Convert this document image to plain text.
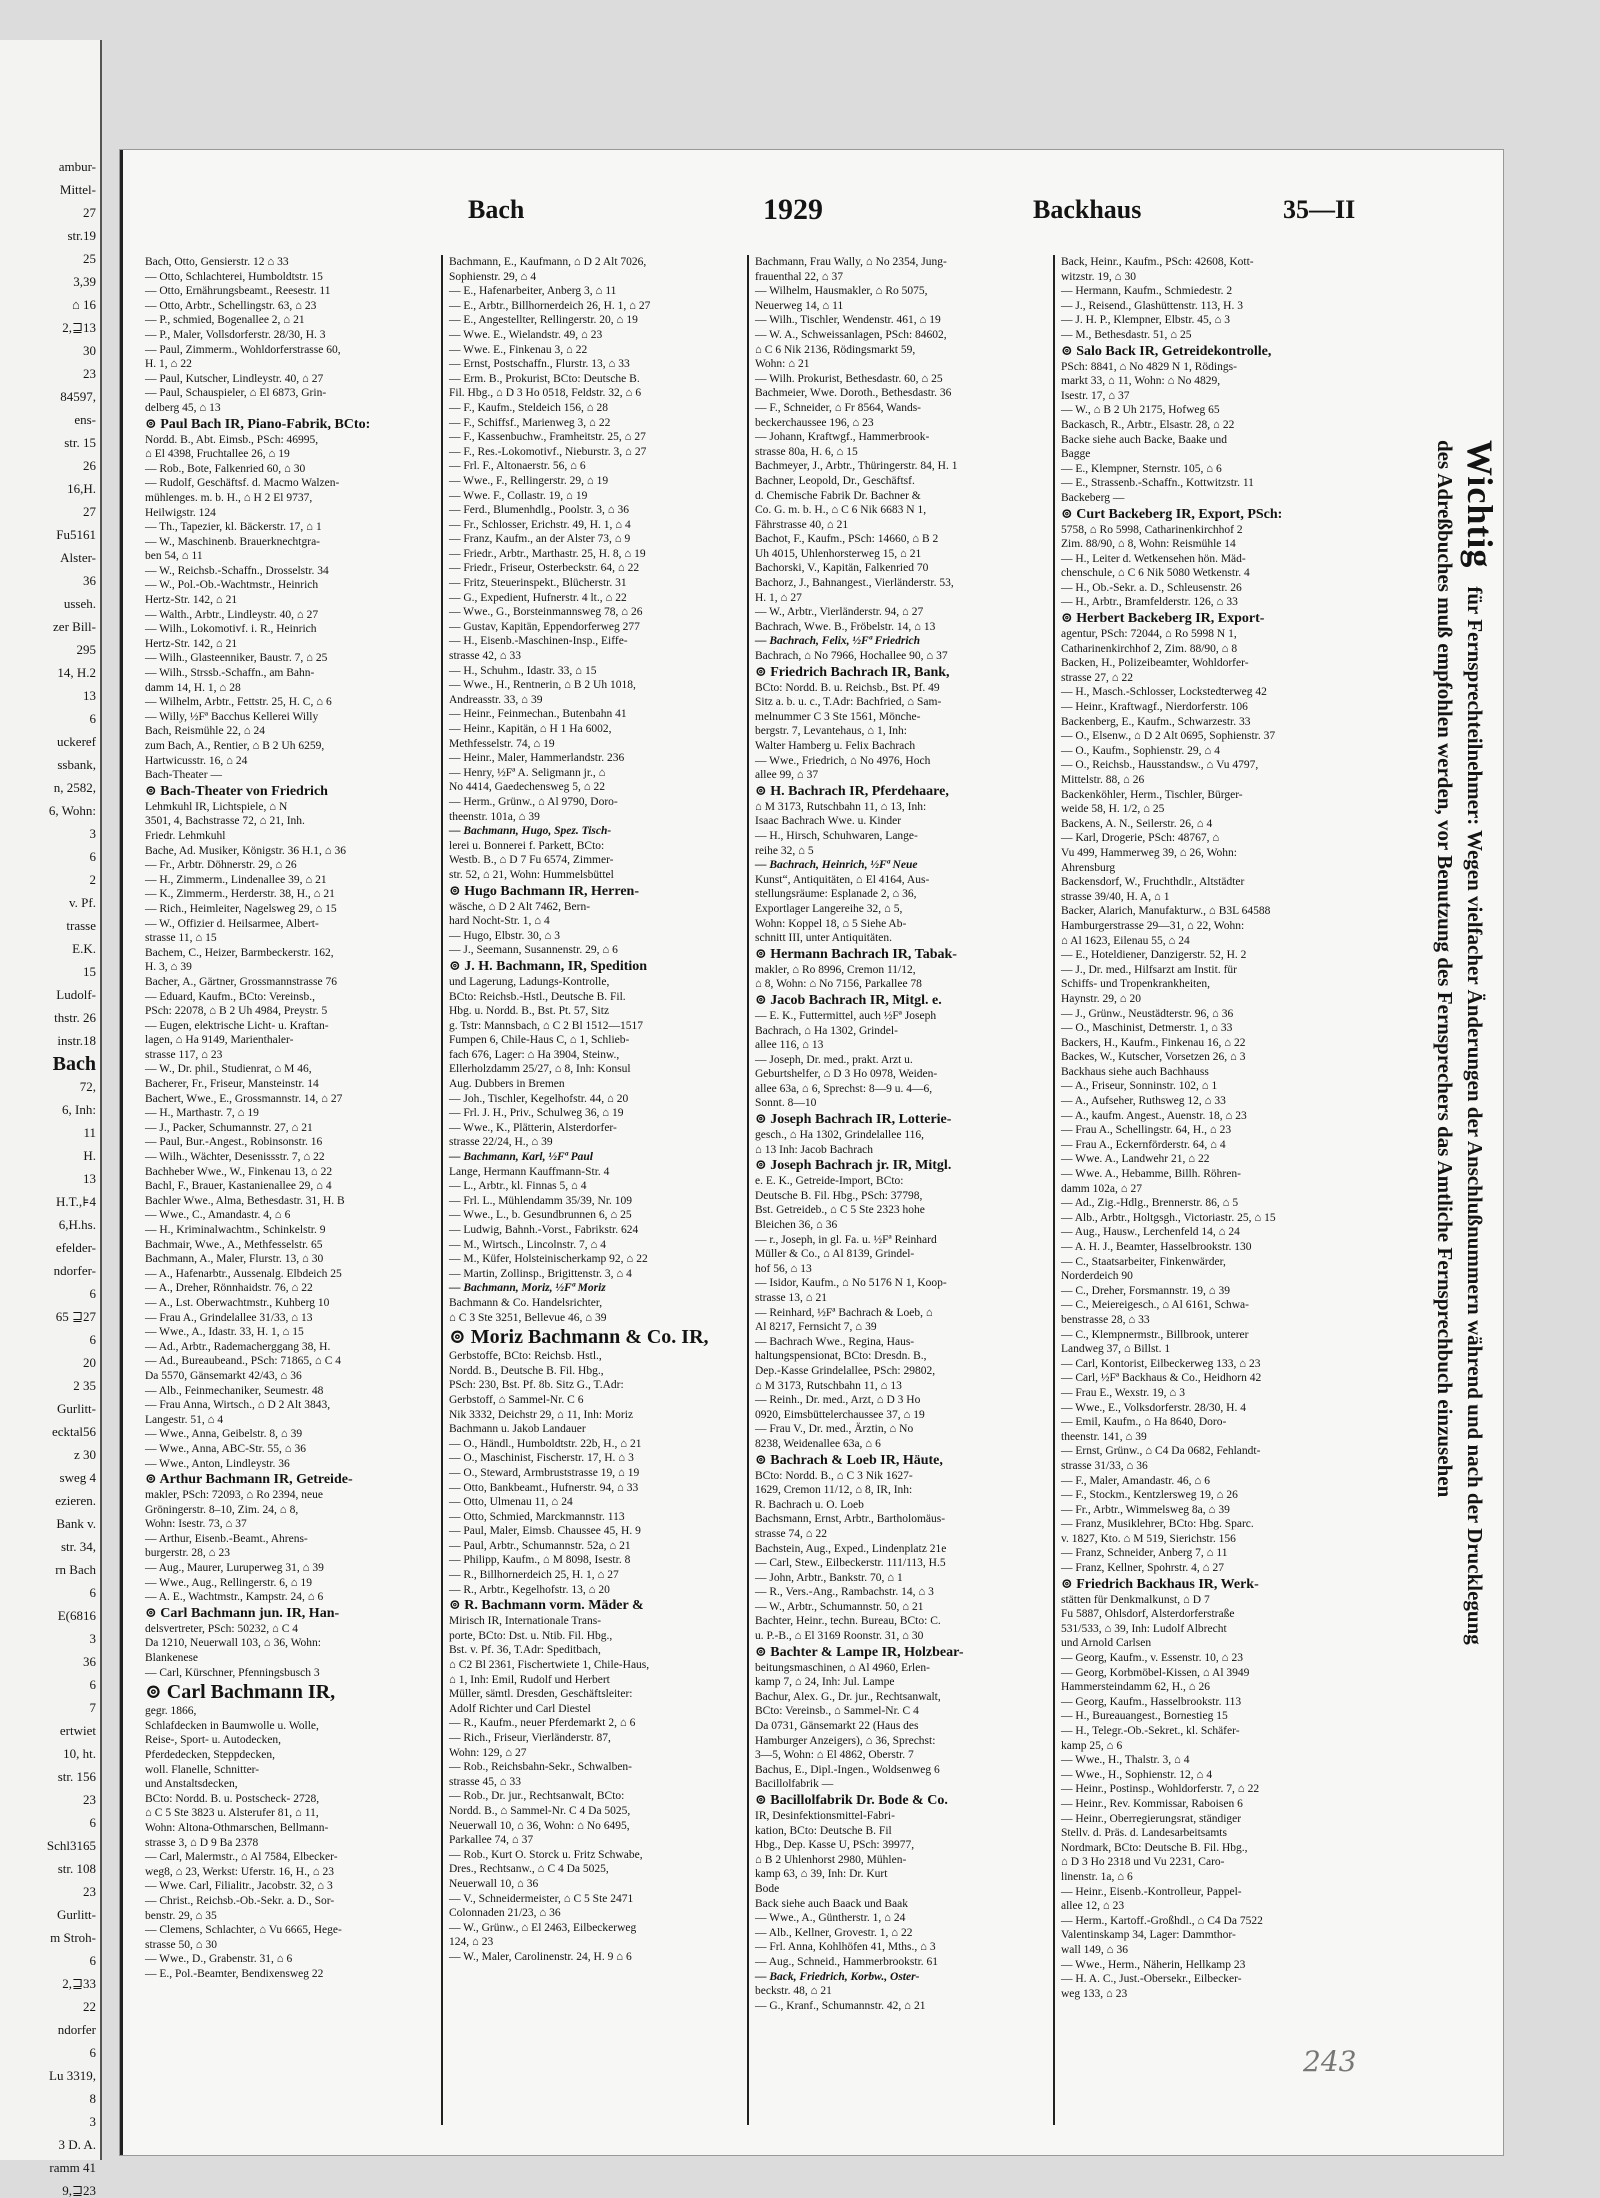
ambur-
Mittel-
27
str.19
25
3,39
⌂ 16
2,⊒13
30
23
84597,
ens-
str. 15
26
16,H.
27
Fu5161
Alster-
36
usseh.
zer Bill-
295
14, H.2
13
6
uckeref
ssbank,
n, 2582,
6, Wohn:
3
6
2
v. Pf.
trasse
E.K.
15
Ludolf-
thstr. 26
instr.18
Bach
72,
6, Inh:
11
H.
13
H.T.,⊧4
6,H.hs.
efelder-
ndorfer-
6
65 ⊒27
6
20
2 35
Gurlitt-
ecktal56
z 30
sweg 4
ezieren.
Bank v.
str. 34,
rn Bach
6
E(6816
3
36
6
7
ertwiet
10, ht.
str. 156
23
6
Schl3165
str. 108
23
Gurlitt-
m Stroh-
6
2,⊒33
22
ndorfer
6
Lu 3319,
8
3
3 D. A.
ramm 41
9,⊒23
Bach	1929	Backhaus	35—II
Bach, Otto, Gensierstr. 12 ⌂ 33
— Otto, Schlachterei, Humboldtstr. 15
— Otto, Ernährungsbeamt., Reesestr. 11
— Otto, Arbtr., Schellingstr. 63, ⌂ 23
— P., schmied, Bogenallee 2, ⌂ 21
— P., Maler, Vollsdorferstr. 28/30, H. 3
— Paul, Zimmerm., Wohldorferstrasse 60,
H. 1, ⌂ 22
— Paul, Kutscher, Lindleystr. 40, ⌂ 27
— Paul, Schauspieler, ⌂ El 6873, Grin-
delberg 45, ⌂ 13
⊚ Paul Bach IR, Piano-Fabrik, BCto:
Nordd. B., Abt. Eimsb., PSch: 46995,
⌂ El 4398, Fruchtallee 26, ⌂ 19
— Rob., Bote, Falkenried 60, ⌂ 30
— Rudolf, Geschäftsf. d. Macmo Walzen-
mühlenges. m. b. H., ⌂ H 2 El 9737,
Heilwigstr. 124
— Th., Tapezier, kl. Bäckerstr. 17, ⌂ 1
— W., Maschinenb. Brauerknechtgra-
ben 54, ⌂ 11
— W., Reichsb.-Schaffn., Drosselstr. 34
— W., Pol.-Ob.-Wachtmstr., Heinrich
Hertz-Str. 142, ⌂ 21
— Walth., Arbtr., Lindleystr. 40, ⌂ 27
— Wilh., Lokomotivf. i. R., Heinrich
Hertz-Str. 142, ⌂ 21
— Wilh., Glasteenniker, Baustr. 7, ⌂ 25
— Wilh., Strssb.-Schaffn., am Bahn-
damm 14, H. 1, ⌂ 28
— Wilhelm, Arbtr., Fettstr. 25, H. C, ⌂ 6
— Willy, ½Fª Bacchus Kellerei Willy
Bach, Reismühle 22, ⌂ 24
zum Bach, A., Rentier, ⌂ B 2 Uh 6259,
Hartwicusstr. 16, ⌂ 24
Bach-Theater —
⊚ Bach-Theater von Friedrich
Lehmkuhl IR, Lichtspiele, ⌂ N
3501, 4, Bachstrasse 72, ⌂ 21, Inh.
Friedr. Lehmkuhl
Bache, Ad. Musiker, Königstr. 36 H.1, ⌂ 36
— Fr., Arbtr. Döhnerstr. 29, ⌂ 26
— H., Zimmerm., Lindenallee 39, ⌂ 21
— K., Zimmerm., Herderstr. 38, H., ⌂ 21
— Rich., Heimleiter, Nagelsweg 29, ⌂ 15
— W., Offizier d. Heilsarmee, Albert-
strasse 11, ⌂ 15
Bachem, C., Heizer, Barmbeckerstr. 162,
H. 3, ⌂ 39
Bacher, A., Gärtner, Grossmannstrasse 76
— Eduard, Kaufm., BCto: Vereinsb.,
PSch: 22078, ⌂ B 2 Uh 4984, Preystr. 5
— Eugen, elektrische Licht- u. Kraftan-
lagen, ⌂ Ha 9149, Marienthaler-
strasse 117, ⌂ 23
— W., Dr. phil., Studienrat, ⌂ M 46,
Bacherer, Fr., Friseur, Mansteinstr. 14
Bachert, Wwe., E., Grossmannstr. 14, ⌂ 27
— H., Marthastr. 7, ⌂ 19
— J., Packer, Schumannstr. 27, ⌂ 21
— Paul, Bur.-Angest., Robinsonstr. 16
— Wilh., Wächter, Desenissstr. 7, ⌂ 22
Bachheber Wwe., W., Finkenau 13, ⌂ 22
Bachl, F., Brauer, Kastanienallee 29, ⌂ 4
Bachler Wwe., Alma, Bethesdastr. 31, H. B
— Wwe., C., Amandastr. 4, ⌂ 6
— H., Kriminalwachtm., Schinkelstr. 9
Bachmair, Wwe., A., Methfesselstr. 65
Bachmann, A., Maler, Flurstr. 13, ⌂ 30
— A., Hafenarbtr., Aussenalg. Elbdeich 25
— A., Dreher, Rönnhaidstr. 76, ⌂ 22
— A., Lst. Oberwachtmstr., Kuhberg 10
— Frau A., Grindelallee 31/33, ⌂ 13
— Wwe., A., Idastr. 33, H. 1, ⌂ 15
— Ad., Arbtr., Rademacherggang 38, H.
— Ad., Bureaubeand., PSch: 71865, ⌂ C 4
Da 5570, Gänsemarkt 42/43, ⌂ 36
— Alb., Feinmechaniker, Seumestr. 48
— Frau Anna, Wirtsch., ⌂ D 2 Alt 3843,
Langestr. 51, ⌂ 4
— Wwe., Anna, Geibelstr. 8, ⌂ 39
— Wwe., Anna, ABC-Str. 55, ⌂ 36
— Wwe., Anton, Lindleystr. 36
⊚ Arthur Bachmann IR, Getreide-
makler, PSch: 72093, ⌂ Ro 2394, neue
Gröningerstr. 8–10, Zim. 24, ⌂ 8,
Wohn: Isestr. 73, ⌂ 37
— Arthur, Eisenb.-Beamt., Ahrens-
burgerstr. 28, ⌂ 23
— Aug., Maurer, Luruperweg 31, ⌂ 39
— Wwe., Aug., Rellingerstr. 6, ⌂ 19
— A. E., Wachtmstr., Kampstr. 24, ⌂ 6
⊚ Carl Bachmann jun. IR, Han-
delsvertreter, PSch: 50232, ⌂ C 4
Da 1210, Neuerwall 103, ⌂ 36, Wohn:
Blankenese
— Carl, Kürschner, Pfenningsbusch 3
⊚ Carl Bachmann IR,
gegr. 1866,
Schlafdecken in Baumwolle u. Wolle,
Reise-, Sport- u. Autodecken,
Pferdedecken, Steppdecken,
woll. Flanelle, Schnitter-
und Anstaltsdecken,
BCto: Nordd. B. u. Postscheck- 2728,
⌂ C 5 Ste 3823 u. Alsterufer 81, ⌂ 11,
Wohn: Altona-Othmarschen, Bellmann-
strasse 3, ⌂ D 9 Ba 2378
— Carl, Malermstr., ⌂ Al 7584, Elbecker-
weg8, ⌂ 23, Werkst: Uferstr. 16, H., ⌂ 23
— Wwe. Carl, Filialitr., Jacobstr. 32, ⌂ 3
— Christ., Reichsb.-Ob.-Sekr. a. D., Sor-
benstr. 29, ⌂ 35
— Clemens, Schlachter, ⌂ Vu 6665, Hege-
strasse 50, ⌂ 30
— Wwe., D., Grabenstr. 31, ⌂ 6
— E., Pol.-Beamter, Bendixensweg 22
Bachmann, E., Kaufmann, ⌂ D 2 Alt 7026,
Sophienstr. 29, ⌂ 4
— E., Hafenarbeiter, Anberg 3, ⌂ 11
— E., Arbtr., Billhornerdeich 26, H. 1, ⌂ 27
— E., Angestellter, Rellingerstr. 20, ⌂ 19
— Wwe. E., Wielandstr. 49, ⌂ 23
— Wwe. E., Finkenau 3, ⌂ 22
— Ernst, Postschaffn., Flurstr. 13, ⌂ 33
— Erm. B., Prokurist, BCto: Deutsche B.
Fil. Hbg., ⌂ D 3 Ho 0518, Feldstr. 32, ⌂ 6
— F., Kaufm., Steldeich 156, ⌂ 28
— F., Schiffsf., Marienweg 3, ⌂ 22
— F., Kassenbuchw., Framheitstr. 25, ⌂ 27
— F., Res.-Lokomotivf., Nieburstr. 3, ⌂ 27
— Frl. F., Altonaerstr. 56, ⌂ 6
— Wwe., F., Rellingerstr. 29, ⌂ 19
— Wwe. F., Collastr. 19, ⌂ 19
— Ferd., Blumenhdlg., Poolstr. 3, ⌂ 36
— Fr., Schlosser, Erichstr. 49, H. 1, ⌂ 4
— Franz, Kaufm., an der Alster 73, ⌂ 9
— Friedr., Arbtr., Marthastr. 25, H. 8, ⌂ 19
— Friedr., Friseur, Osterbeckstr. 64, ⌂ 22
— Fritz, Steuerinspekt., Blücherstr. 31
— G., Expedient, Hufnerstr. 4 lt., ⌂ 22
— Wwe., G., Borsteinmannsweg 78, ⌂ 26
— Gustav, Kapitän, Eppendorferweg 277
— H., Eisenb.-Maschinen-Insp., Eiffe-
strasse 42, ⌂ 33
— H., Schuhm., Idastr. 33, ⌂ 15
— Wwe., H., Rentnerin, ⌂ B 2 Uh 1018,
Andreasstr. 33, ⌂ 39
— Heinr., Feinmechan., Butenbahn 41
— Heinr., Kapitän, ⌂ H 1 Ha 6002,
Methfesselstr. 74, ⌂ 19
— Heinr., Maler, Hammerlandstr. 236
— Henry, ½Fª A. Seligmann jr., ⌂
No 4414, Gaedechensweg 5, ⌂ 22
— Herm., Grünw., ⌂ Al 9790, Doro-
theenstr. 101a, ⌂ 39
— Bachmann, Hugo, Spez. Tisch-
lerei u. Bonnerei f. Parkett, BCto:
Westb. B., ⌂ D 7 Fu 6574, Zimmer-
str. 52, ⌂ 21, Wohn: Hummelsbüttel
⊚ Hugo Bachmann IR, Herren-
wäsche, ⌂ D 2 Alt 7462, Bern-
hard Nocht-Str. 1, ⌂ 4
— Hugo, Elbstr. 30, ⌂ 3
— J., Seemann, Susannenstr. 29, ⌂ 6
⊚ J. H. Bachmann, IR, Spedition
und Lagerung, Ladungs-Kontrolle,
BCto: Reichsb.-Hstl., Deutsche B. Fil.
Hbg. u. Nordd. B., Bst. Pt. 57, Sitz
g. Tstr: Mannsbach, ⌂ C 2 Bl 1512—1517
Fumpen 6, Chile-Haus C, ⌂ 1, Schlieb-
fach 676, Lager: ⌂ Ha 3904, Steinw.,
Ellerholzdamm 25/27, ⌂ 8, Inh: Konsul
Aug. Dubbers in Bremen
— Joh., Tischler, Kegelhofstr. 44, ⌂ 20
— Frl. J. H., Priv., Schulweg 36, ⌂ 19
— Wwe., K., Plätterin, Alsterdorfer-
strasse 22/24, H., ⌂ 39
— Bachmann, Karl, ½Fª Paul
Lange, Hermann Kauffmann-Str. 4
— L., Arbtr., kl. Finnas 5, ⌂ 4
— Frl. L., Mühlendamm 35/39, Nr. 109
— Wwe., L., b. Gesundbrunnen 6, ⌂ 25
— Ludwig, Bahnh.-Vorst., Fabrikstr. 624
— M., Wirtsch., Lincolnstr. 7, ⌂ 4
— M., Küfer, Holsteinischerkamp 92, ⌂ 22
— Martin, Zollinsp., Brigittenstr. 3, ⌂ 4
— Bachmann, Moriz, ½Fª Moriz
Bachmann & Co. Handelsrichter,
⌂ C 3 Ste 3251, Bellevue 46, ⌂ 39
⊚ Moriz Bachmann & Co. IR,
Gerbstoffe, BCto: Reichsb. Hstl.,
Nordd. B., Deutsche B. Fil. Hbg.,
PSch: 230, Bst. Pf. 8b. Sitz G., T.Adr:
Gerbstoff, ⌂ Sammel-Nr. C 6
Nik 3332, Deichstr 29, ⌂ 11, Inh: Moriz
Bachmann u. Jakob Landauer
— O., Händl., Humboldtstr. 22b, H., ⌂ 21
— O., Maschinist, Fischerstr. 17, H. ⌂ 3
— O., Steward, Armbruststrasse 19, ⌂ 19
— Otto, Bankbeamt., Hufnerstr. 94, ⌂ 33
— Otto, Ulmenau 11, ⌂ 24
— Otto, Schmied, Marckmannstr. 113
— Paul, Maler, Eimsb. Chaussee 45, H. 9
— Paul, Arbtr., Schumannstr. 52a, ⌂ 21
— Philipp, Kaufm., ⌂ M 8098, Isestr. 8
— R., Billhornerdeich 25, H. 1, ⌂ 27
— R., Arbtr., Kegelhofstr. 13, ⌂ 20
⊚ R. Bachmann vorm. Mäder &
Mirisch IR, Internationale Trans-
porte, BCto: Dst. u. Ntib. Fil. Hbg.,
Bst. v. Pf. 36, T.Adr: Speditbach,
⌂ C2 Bl 2361, Fischertwiete 1, Chile-Haus,
⌂ 1, Inh: Emil, Rudolf und Herbert
Müller, sämtl. Dresden, Geschäftsleiter:
Adolf Richter und Carl Diestel
— R., Kaufm., neuer Pferdemarkt 2, ⌂ 6
— Rich., Friseur, Vierländerstr. 87,
Wohn: 129, ⌂ 27
— Rob., Reichsbahn-Sekr., Schwalben-
strasse 45, ⌂ 33
— Rob., Dr. jur., Rechtsanwalt, BCto:
Nordd. B., ⌂ Sammel-Nr. C 4 Da 5025,
Neuerwall 10, ⌂ 36, Wohn: ⌂ No 6495,
Parkallee 74, ⌂ 37
— Rob., Kurt O. Storck u. Fritz Schwabe,
Dres., Rechtsanw., ⌂ C 4 Da 5025,
Neuerwall 10, ⌂ 36
— V., Schneidermeister, ⌂ C 5 Ste 2471
Colonnaden 21/23, ⌂ 36
— W., Grünw., ⌂ El 2463, Eilbeckerweg
124, ⌂ 23
— W., Maler, Carolinenstr. 24, H. 9 ⌂ 6
Bachmann, Frau Wally, ⌂ No 2354, Jung-
frauenthal 22, ⌂ 37
— Wilhelm, Hausmakler, ⌂ Ro 5075,
Neuerweg 14, ⌂ 11
— Wilh., Tischler, Wendenstr. 461, ⌂ 19
— W. A., Schweissanlagen, PSch: 84602,
⌂ C 6 Nik 2136, Rödingsmarkt 59,
Wohn: ⌂ 21
— Wilh. Prokurist, Bethesdastr. 60, ⌂ 25
Bachmeier, Wwe. Doroth., Bethesdastr. 36
— F., Schneider, ⌂ Fr 8564, Wands-
beckerchaussee 196, ⌂ 23
— Johann, Kraftwgf., Hammerbrook-
strasse 80a, H. 6, ⌂ 15
Bachmeyer, J., Arbtr., Thüringerstr. 84, H. 1
Bachner, Leopold, Dr., Geschäftsf.
d. Chemische Fabrik Dr. Bachner &
Co. G. m. b. H., ⌂ C 6 Nik 6683 N 1,
Fährstrasse 40, ⌂ 21
Bachot, F., Kaufm., PSch: 14660, ⌂ B 2
Uh 4015, Uhlenhorsterweg 15, ⌂ 21
Bachorski, V., Kapitän, Falkenried 70
Bachorz, J., Bahnangest., Vierländerstr. 53,
H. 1, ⌂ 27
— W., Arbtr., Vierländerstr. 94, ⌂ 27
Bachrach, Wwe. B., Fröbelstr. 14, ⌂ 13
— Bachrach, Felix, ½Fª Friedrich
Bachrach, ⌂ No 7966, Hochallee 90, ⌂ 37
⊚ Friedrich Bachrach IR, Bank,
BCto: Nordd. B. u. Reichsb., Bst. Pf. 49
Sitz a. b. u. c., T.Adr: Bachfried, ⌂ Sam-
melnummer C 3 Ste 1561, Mönche-
bergstr. 7, Levantehaus, ⌂ 1, Inh:
Walter Hamberg u. Felix Bachrach
— Wwe., Friedrich, ⌂ No 4976, Hoch
allee 99, ⌂ 37
⊚ H. Bachrach IR, Pferdehaare,
⌂ M 3173, Rutschbahn 11, ⌂ 13, Inh:
Isaac Bachrach Wwe. u. Kinder
— H., Hirsch, Schuhwaren, Lange-
reihe 32, ⌂ 5
— Bachrach, Heinrich, ½Fª Neue
Kunst“, Antiquitäten, ⌂ El 4164, Aus-
stellungsräume: Esplanade 2, ⌂ 36,
Exportlager Langereihe 32, ⌂ 5,
Wohn: Koppel 18, ⌂ 5 Siehe Ab-
schnitt III, unter Antiquitäten.
⊚ Hermann Bachrach IR, Tabak-
makler, ⌂ Ro 8996, Cremon 11/12,
⌂ 8, Wohn: ⌂ No 7156, Parkallee 78
⊚ Jacob Bachrach IR, Mitgl. e.
— E. K., Futtermittel, auch ½Fª Joseph
Bachrach, ⌂ Ha 1302, Grindel-
allee 116, ⌂ 13
— Joseph, Dr. med., prakt. Arzt u.
Geburtshelfer, ⌂ D 3 Ho 0978, Weiden-
allee 63a, ⌂ 6, Sprechst: 8—9 u. 4—6,
Sonnt. 8—10
⊚ Joseph Bachrach IR, Lotterie-
gesch., ⌂ Ha 1302, Grindelallee 116,
⌂ 13 Inh: Jacob Bachrach
⊚ Joseph Bachrach jr. IR, Mitgl.
e. E. K., Getreide-Import, BCto:
Deutsche B. Fil. Hbg., PSch: 37798,
Bst. Getreideb., ⌂ C 5 Ste 2323 hohe
Bleichen 36, ⌂ 36
— r., Joseph, in gl. Fa. u. ½Fª Reinhard
Müller & Co., ⌂ Al 8139, Grindel-
hof 56, ⌂ 13
— Isidor, Kaufm., ⌂ No 5176 N 1, Koop-
strasse 13, ⌂ 21
— Reinhard, ½Fª Bachrach & Loeb, ⌂
Al 8217, Fernsicht 7, ⌂ 39
— Bachrach Wwe., Regina, Haus-
haltungspensionat, BCto: Dresdn. B.,
Dep.-Kasse Grindelallee, PSch: 29802,
⌂ M 3173, Rutschbahn 11, ⌂ 13
— Reinh., Dr. med., Arzt, ⌂ D 3 Ho
0920, Eimsbüttelerchaussee 37, ⌂ 19
— Frau V., Dr. med., Ärztin, ⌂ No
8238, Weidenallee 63a, ⌂ 6
⊚ Bachrach & Loeb IR, Häute,
BCto: Nordd. B., ⌂ C 3 Nik 1627-
1629, Cremon 11/12, ⌂ 8, IR, Inh:
R. Bachrach u. O. Loeb
Bachsmann, Ernst, Arbtr., Bartholomäus-
strasse 74, ⌂ 22
Bachstein, Aug., Exped., Lindenplatz 21e
— Carl, Stew., Eilbeckerstr. 111/113, H.5
— John, Arbtr., Bankstr. 70, ⌂ 1
— R., Vers.-Ang., Rambachstr. 14, ⌂ 3
— W., Arbtr., Schumannstr. 50, ⌂ 21
Bachter, Heinr., techn. Bureau, BCto: C.
u. P.-B., ⌂ El 3169 Roonstr. 31, ⌂ 30
⊚ Bachter & Lampe IR, Holzbear-
beitungsmaschinen, ⌂ Al 4960, Erlen-
kamp 7, ⌂ 24, Inh: Jul. Lampe
Bachur, Alex. G., Dr. jur., Rechtsanwalt,
BCto: Vereinsb., ⌂ Sammel-Nr. C 4
Da 0731, Gänsemarkt 22 (Haus des
Hamburger Anzeigers), ⌂ 36, Sprechst:
3—5, Wohn: ⌂ El 4862, Oberstr. 7
Bachus, E., Dipl.-Ingen., Woldsenweg 6
Bacillolfabrik —
⊚ Bacillolfabrik Dr. Bode & Co.
IR, Desinfektionsmittel-Fabri-
kation, BCto: Deutsche B. Fil
Hbg., Dep. Kasse U, PSch: 39977,
⌂ B 2 Uhlenhorst 2980, Mühlen-
kamp 63, ⌂ 39, Inh: Dr. Kurt
Bode
Back siehe auch Baack und Baak
— Wwe., A., Güntherstr. 1, ⌂ 24
— Alb., Kellner, Grovestr. 1, ⌂ 22
— Frl. Anna, Kohlhöfen 41, Mths., ⌂ 3
— Aug., Schneid., Hammerbrookstr. 61
— Back, Friedrich, Korbw., Oster-
beckstr. 48, ⌂ 21
— G., Kranf., Schumannstr. 42, ⌂ 21
Back, Heinr., Kaufm., PSch: 42608, Kott-
witzstr. 19, ⌂ 30
— Hermann, Kaufm., Schmiedestr. 2
— J., Reisend., Glashüttenstr. 113, H. 3
— J. H. P., Klempner, Elbstr. 45, ⌂ 3
— M., Bethesdastr. 51, ⌂ 25
⊚ Salo Back IR, Getreidekontrolle,
PSch: 8841, ⌂ No 4829 N 1, Rödings-
markt 33, ⌂ 11, Wohn: ⌂ No 4829,
Isestr. 17, ⌂ 37
— W., ⌂ B 2 Uh 2175, Hofweg 65
Backasch, R., Arbtr., Elsastr. 28, ⌂ 22
Backe siehe auch Backe, Baake und
Bagge
— E., Klempner, Sternstr. 105, ⌂ 6
— E., Strassenb.-Schaffn., Kottwitzstr. 11
Backeberg —
⊚ Curt Backeberg IR, Export, PSch:
5758, ⌂ Ro 5998, Catharinenkirchhof 2
Zim. 88/90, ⌂ 8, Wohn: Reismühle 14
— H., Leiter d. Wetkensehen hön. Mäd-
chenschule, ⌂ C 6 Nik 5080 Wetkenstr. 4
— H., Ob.-Sekr. a. D., Schleusenstr. 26
— H., Arbtr., Bramfelderstr. 126, ⌂ 33
⊚ Herbert Backeberg IR, Export-
agentur, PSch: 72044, ⌂ Ro 5998 N 1,
Catharinenkirchhof 2, Zim. 88/90, ⌂ 8
Backen, H., Polizeibeamter, Wohldorfer-
strasse 27, ⌂ 22
— H., Masch.-Schlosser, Lockstedterweg 42
— Heinr., Kraftwagf., Nierdorferstr. 106
Backenberg, E., Kaufm., Schwarzestr. 33
— O., Elsenw., ⌂ D 2 Alt 0695, Sophienstr. 37
— O., Kaufm., Sophienstr. 29, ⌂ 4
— O., Reichsb., Hausstandsw., ⌂ Vu 4797,
Mittelstr. 88, ⌂ 26
Backenköhler, Herm., Tischler, Bürger-
weide 58, H. 1/2, ⌂ 25
Backens, A. N., Seilerstr. 26, ⌂ 4
— Karl, Drogerie, PSch: 48767, ⌂
Vu 499, Hammerweg 39, ⌂ 26, Wohn:
Ahrensburg
Backensdorf, W., Fruchthdlr., Altstädter
strasse 39/40, H. A, ⌂ 1
Backer, Alarich, Manufakturw., ⌂ B3L 64588
Hamburgerstrasse 29—31, ⌂ 22, Wohn:
⌂ Al 1623, Eilenau 55, ⌂ 24
— E., Hoteldiener, Danzigerstr. 52, H. 2
— J., Dr. med., Hilfsarzt am Instit. für
Schiffs- und Tropenkrankheiten,
Haynstr. 29, ⌂ 20
— J., Grünw., Neustädterstr. 96, ⌂ 36
— O., Maschinist, Detmerstr. 1, ⌂ 33
Backers, H., Kaufm., Finkenau 16, ⌂ 22
Backes, W., Kutscher, Vorsetzen 26, ⌂ 3
Backhaus siehe auch Bachhauss
— A., Friseur, Sonninstr. 102, ⌂ 1
— A., Aufseher, Ruthsweg 12, ⌂ 33
— A., kaufm. Angest., Auenstr. 18, ⌂ 23
— Frau A., Schellingstr. 64, H., ⌂ 23
— Frau A., Eckernförderstr. 64, ⌂ 4
— Wwe. A., Landwehr 21, ⌂ 22
— Wwe. A., Hebamme, Billh. Röhren-
damm 102a, ⌂ 27
— Ad., Zig.-Hdlg., Brennerstr. 86, ⌂ 5
— Alb., Arbtr., Holtgsgh., Victoriastr. 25, ⌂ 15
— Aug., Hausw., Lerchenfeld 14, ⌂ 24
— A. H. J., Beamter, Hasselbrookstr. 130
— C., Staatsarbeiter, Finkenwärder,
Norderdeich 90
— C., Dreher, Forsmannstr. 19, ⌂ 39
— C., Meiereigesch., ⌂ Al 6161, Schwa-
benstrasse 28, ⌂ 33
— C., Klempnermstr., Billbrook, unterer
Landweg 37, ⌂ Billst. 1
— Carl, Kontorist, Eilbeckerweg 133, ⌂ 23
— Carl, ½Fª Backhaus & Co., Heidhorn 42
— Frau E., Wexstr. 19, ⌂ 3
— Wwe., E., Volksdorferstr. 28/30, H. 4
— Emil, Kaufm., ⌂ Ha 8640, Doro-
theenstr. 141, ⌂ 39
— Ernst, Grünw., ⌂ C4 Da 0682, Fehlandt-
strasse 31/33, ⌂ 36
— F., Maler, Amandastr. 46, ⌂ 6
— F., Stockm., Kentzlersweg 19, ⌂ 26
— Fr., Arbtr., Wimmelsweg 8a, ⌂ 39
— Franz, Musiklehrer, BCto: Hbg. Sparc.
v. 1827, Kto. ⌂ M 519, Sierichstr. 156
— Franz, Schneider, Anberg 7, ⌂ 11
— Franz, Kellner, Spohrstr. 4, ⌂ 27
⊚ Friedrich Backhaus IR, Werk-
stätten für Denkmalkunst, ⌂ D 7
Fu 5887, Ohlsdorf, Alsterdorferstraße
531/533, ⌂ 39, Inh: Ludolf Albrecht
und Arnold Carlsen
— Georg, Kaufm., v. Essenstr. 10, ⌂ 23
— Georg, Korbmöbel-Kissen, ⌂ Al 3949
Hammersteindamm 62, H., ⌂ 26
— Georg, Kaufm., Hasselbrookstr. 113
— H., Bureauangest., Bornestieg 15
— H., Telegr.-Ob.-Sekret., kl. Schäfer-
kamp 25, ⌂ 6
— Wwe., H., Thalstr. 3, ⌂ 4
— Wwe., H., Sophienstr. 12, ⌂ 4
— Heinr., Postinsp., Wohldorferstr. 7, ⌂ 22
— Heinr., Rev. Kommissar, Raboisen 6
— Heinr., Oberregierungsrat, ständiger
Stellv. d. Präs. d. Landesarbeitsamts
Nordmark, BCto: Deutsche B. Fil. Hbg.,
⌂ D 3 Ho 2318 und Vu 2231, Caro-
linenstr. 1a, ⌂ 6
— Heinr., Eisenb.-Kontrolleur, Pappel-
allee 12, ⌂ 23
— Herm., Kartoff.-Großhdl., ⌂ C4 Da 7522
Valentinskamp 34, Lager: Dammthor-
wall 149, ⌂ 36
— Wwe., Herm., Näherin, Hellkamp 23
— H. A. C., Just.-Obersekr., Eilbecker-
weg 133, ⌂ 23
Wichtig für Fernsprechteilnehmer: Wegen vielfacher Änderungen der Anschlußnummern während und nach der Drucklegung
des Adreßbuches muß empfohlen werden, vor Benutzung des Fernsprechers das Amtliche Fernsprechbuch einzusehen
243
